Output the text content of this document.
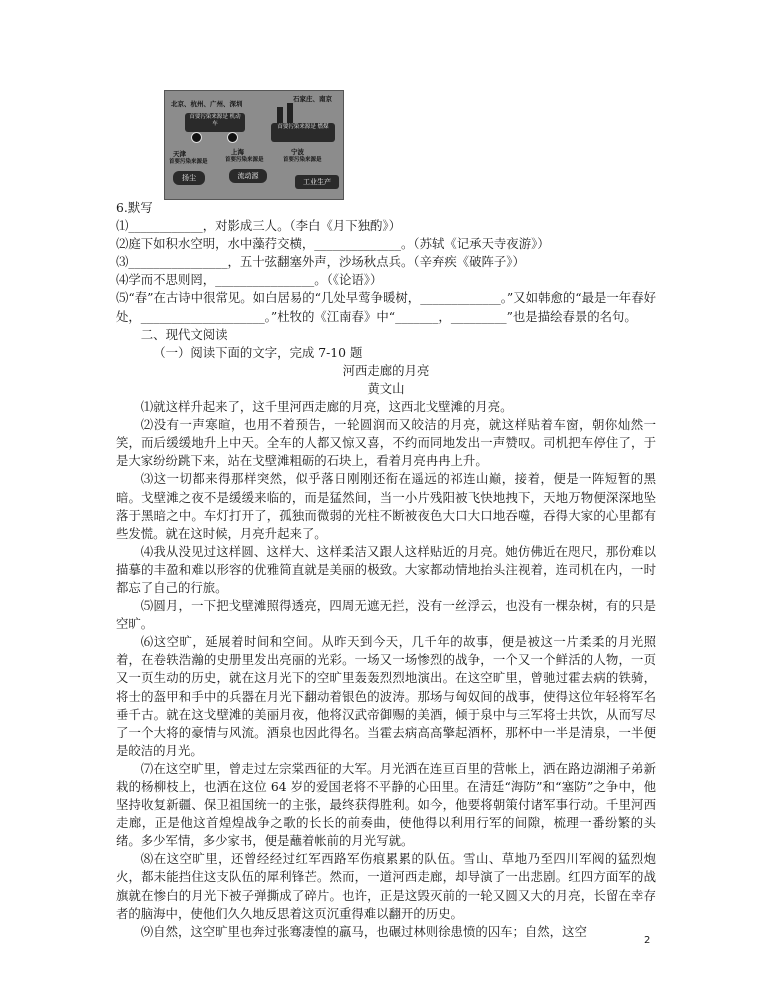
北京、杭州、广州、深圳
石家庄、南京
首要污染来源是 机动车	首要污染来源是 燃煤
天津	上海	宁波
首要污染来源是	首要污染来源是	首要污染来源是
扬尘	流动源
工业生产

6.默写

⑴____________，对影成三人。（李白《月下独酌》）

⑵庭下如积水空明，水中藻荇交横，______________。（苏轼《记承天寺夜游》）

⑶________________，五十弦翻塞外声，沙场秋点兵。（辛弃疾《破阵子》）

⑷学而不思则罔，________________。（《论语》）

⑸“春”在古诗中很常见。如白居易的“几处早莺争暖树，_____________。”又如韩愈的“最是一年春好处，____________________。”杜牧的《江南春》中“_______，_________”也是描绘春景的名句。

二、现代文阅读

（一）阅读下面的文字，完成 7-10 题

河西走廊的月亮

黄文山

⑴就这样升起来了，这千里河西走廊的月亮，这西北戈壁滩的月亮。

⑵没有一声寒暄，也用不着预告，一轮圆润而又皎洁的月亮，就这样贴着车窗，朝你灿然一笑，而后缓缓地升上中天。全车的人都又惊又喜，不约而同地发出一声赞叹。司机把车停住了，于是大家纷纷跳下来，站在戈壁滩粗砺的石块上，看着月亮冉冉上升。

⑶这一切都来得那样突然，似乎落日刚刚还衔在遥远的祁连山巅，接着，便是一阵短暂的黑暗。戈壁滩之夜不是缓缓来临的，而是猛然间，当一小片残阳被飞快地拽下，天地万物便深深地坠落于黑暗之中。车灯打开了，孤独而微弱的光柱不断被夜色大口大口地吞噬，吞得大家的心里都有些发慌。就在这时候，月亮升起来了。

⑷我从没见过这样圆、这样大、这样柔洁又跟人这样贴近的月亮。她仿佛近在咫尺，那份难以描摹的丰盈和难以形容的优雅简直就是美丽的极致。大家都动情地抬头注视着，连司机在内，一时都忘了自己的行旅。

⑸圆月，一下把戈壁滩照得透亮，四周无遮无拦，没有一丝浮云，也没有一棵杂树，有的只是空旷。

⑹这空旷，延展着时间和空间。从昨天到今天，几千年的故事，便是被这一片柔柔的月光照着，在卷轶浩瀚的史册里发出亮丽的光彩。一场又一场惨烈的战争，一个又一个鲜活的人物，一页又一页生动的历史，就在这月光下的空旷里轰轰烈烈地演出。在这空旷里，曾驰过霍去病的铁骑，将士的盔甲和手中的兵器在月光下翻动着银色的波涛。那场与匈奴间的战事，使得这位年轻将军名垂千古。就在这戈壁滩的美丽月夜，他将汉武帝御赐的美酒，倾于泉中与三军将士共饮，从而写尽了一个大将的豪情与风流。酒泉也因此得名。当霍去病高高擎起酒杯，那杯中一半是清泉，一半便是皎洁的月光。

⑺在这空旷里，曾走过左宗棠西征的大军。月光洒在连亘百里的营帐上，洒在路边湖湘子弟新栽的杨柳枝上，也洒在这位 64 岁的爱国老将不平静的心田里。在清廷“海防”和“塞防”之争中，他坚持收复新疆、保卫祖国统一的主张，最终获得胜利。如今，他要将朝策付诸军事行动。千里河西走廊，正是他这首煌煌战争之歌的长长的前奏曲，使他得以利用行军的间隙，梳理一番纷繁的头绪。多少军情，多少家书，便是蘸着帐前的月光写就。

⑻在这空旷里，还曾经经过红军西路军伤痕累累的队伍。雪山、草地乃至四川军阀的猛烈炮火，都未能挡住这支队伍的犀利锋芒。然而，一道河西走廊，却导演了一出悲剧。红四方面军的战旗就在惨白的月光下被子弹撕成了碎片。也许，正是这毁灭前的一轮又圆又大的月亮，长留在幸存者的脑海中，使他们久久地反思着这页沉重得难以翻开的历史。

⑼自然，这空旷里也奔过张骞凄惶的羸马，也碾过林则徐患愤的囚车；自然，这空

2
